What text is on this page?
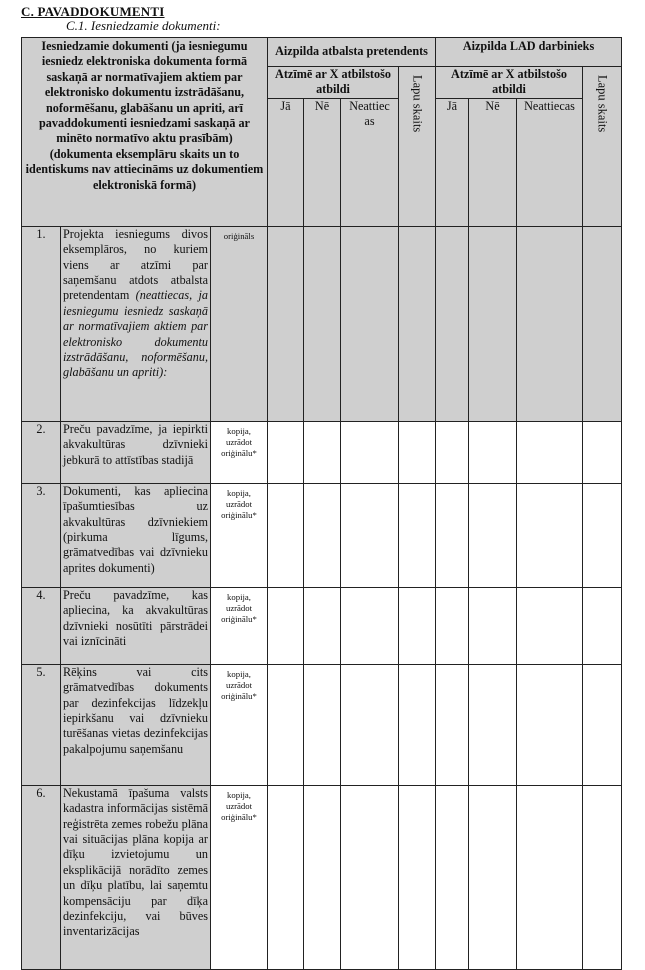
C. PAVADDOKUMENTI
C.1. Iesniedzamie dokumenti:
Iesniedzamie dokumenti (ja iesniegumu iesniedz elektroniska dokumenta formā saskaņā ar normatīvajiem aktiem par elektronisko dokumentu izstrādāšanu, noformēšanu, glabāšanu un apriti, arī pavaddokumenti iesniedzami saskaņā ar minēto normatīvo aktu prasībām) (dokumenta eksemplāru skaits un to identiskums nav attiecināms uz dokumentiem elektroniskā formā)			Aizpilda atbalsta pretendents				Aizpilda LAD darbinieks			
			Atzīmē ar X atbilstošo atbildi			Lapu skaits	Atzīmē ar X atbilstošo atbildi			Lapu skaits

			Jā	Nē	Neattiecas		Jā	Nē	Neattiecas	
1.	Projekta iesniegums divos eksemplāros, no kuriem viens ar atzīmi par saņemšanu atdots atbalsta pretendentam (neattiecas, ja iesniegumu iesniedz saskaņā ar normatīvajiem aktiem par elektronisko dokumentu izstrādāšanu, noformēšanu, glabāšanu un apriti):	oriģināls								
2.	Preču pavadzīme, ja iepirkti akvakultūras dzīvnieki jebkurā to attīstības stadijā	kopija, uzrādot oriģinālu*								
3.	Dokumenti, kas apliecina īpašumtiesības uz akvakultūras dzīvniekiem (pirkuma līgums, grāmatvedības vai dzīvnieku aprites dokumenti)	kopija, uzrādot oriģinālu*								
4.	Preču pavadzīme, kas apliecina, ka akvakultūras dzīvnieki nosūtīti pārstrādei vai iznīcināti	kopija, uzrādot oriģinālu*								
5.	Rēķins vai cits grāmatvedības dokuments par dezinfekcijas līdzekļu iepirkšanu vai dzīvnieku turēšanas vietas dezinfekcijas pakalpojumu saņemšanu	kopija, uzrādot oriģinālu*								
6.	Nekustamā īpašuma valsts kadastra informācijas sistēmā reģistrēta zemes robežu plāna vai situācijas plāna kopija ar dīķu izvietojumu un eksplikācijā norādīto zemes un dīķu platību, lai saņemtu kompensāciju par dīķa dezinfekciju, vai būves inventarizācijas	kopija, uzrādot oriģinālu*								
